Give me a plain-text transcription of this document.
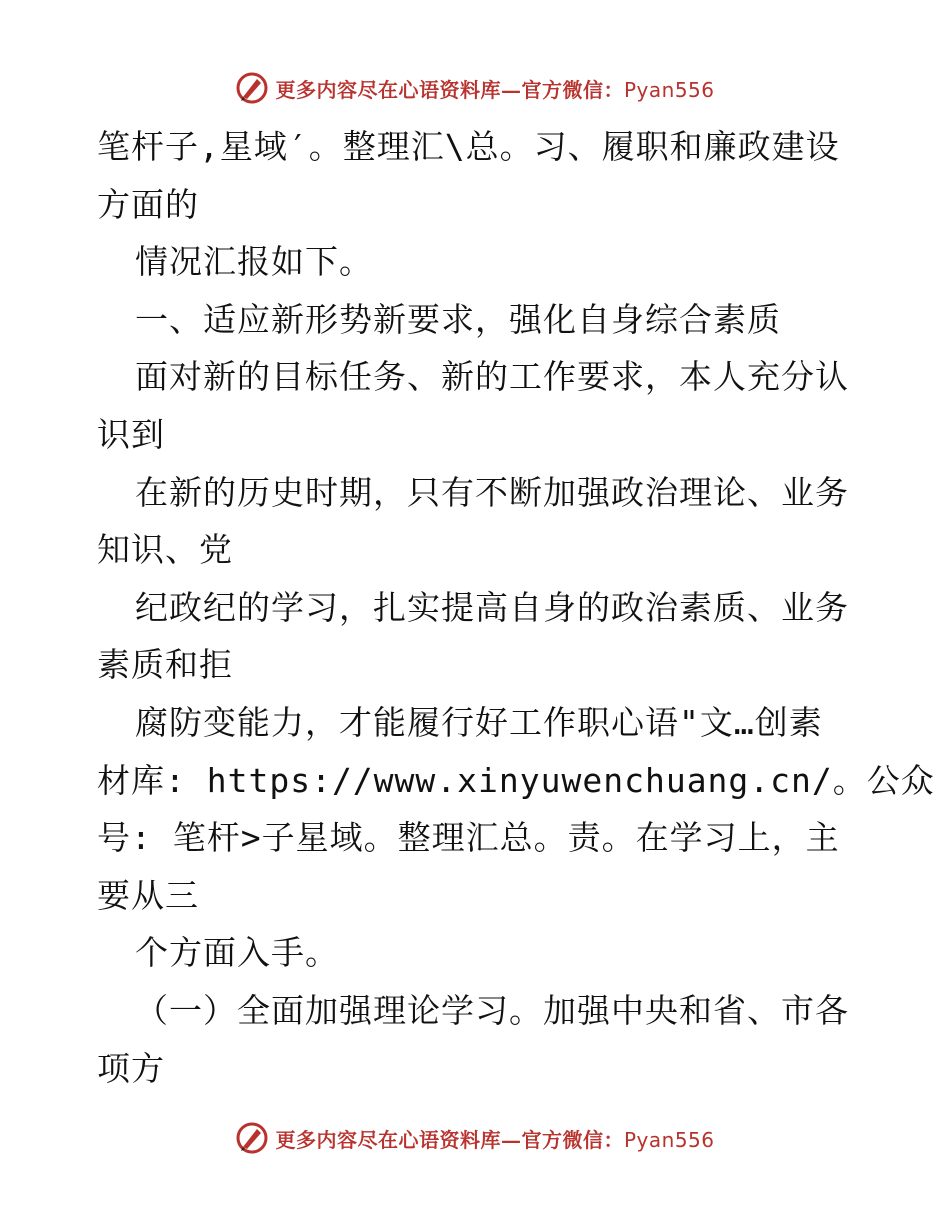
更多内容尽在心语资料库—官方微信：Pyan556
笔杆子,星域′。整理汇\总。习、履职和廉政建设
方面的
情况汇报如下。
一、适应新形势新要求，强化自身综合素质
面对新的目标任务、新的工作要求，本人充分认
识到
在新的历史时期，只有不断加强政治理论、业务
知识、党
纪政纪的学习，扎实提高自身的政治素质、业务
素质和拒
腐防变能力，才能履行好工作职心语"文…创素
材库: https://www.xinyuwenchuang.cn/。公众
号: 笔杆>子星域。整理汇总。责。在学习上，主
要从三
个方面入手。
（一）全面加强理论学习。加强中央和省、市各
项方
更多内容尽在心语资料库—官方微信：Pyan556
